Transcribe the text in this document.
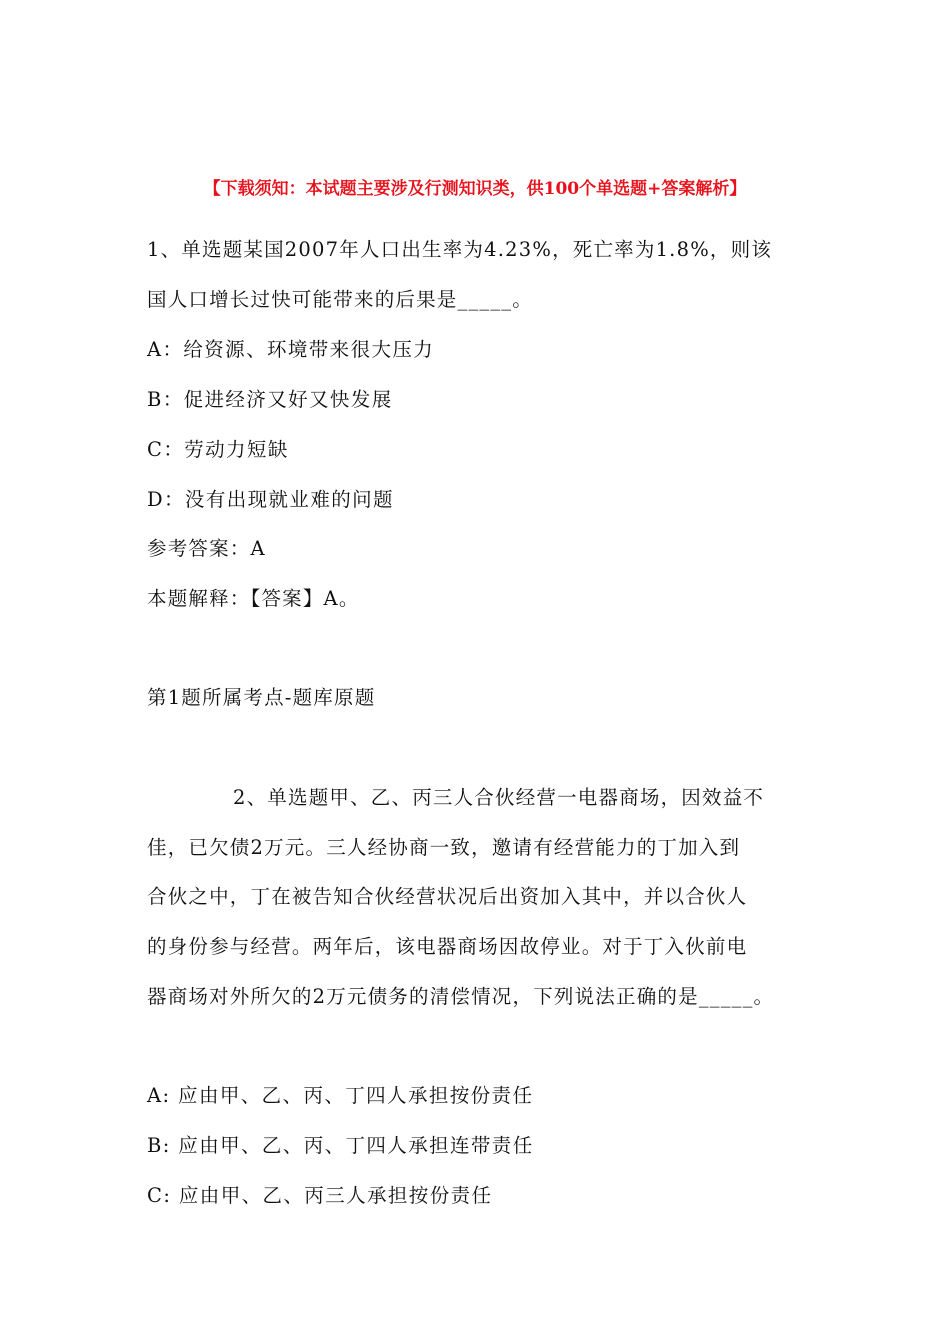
【下载须知：本试题主要涉及行测知识类，供100个单选题+答案解析】
1、单选题某国2007年人口出生率为4.23%，死亡率为1.8%，则该
国人口增长过快可能带来的后果是_____。
A：给资源、环境带来很大压力
B：促进经济又好又快发展
C：劳动力短缺
D：没有出现就业难的问题
参考答案：A
本题解释：【答案】A。
第1题所属考点-题库原题
2、单选题甲、乙、丙三人合伙经营一电器商场，因效益不
佳，已欠债2万元。三人经协商一致，邀请有经营能力的丁加入到
合伙之中，丁在被告知合伙经营状况后出资加入其中，并以合伙人
的身份参与经营。两年后，该电器商场因故停业。对于丁入伙前电
器商场对外所欠的2万元债务的清偿情况，下列说法正确的是_____。
A: 应由甲、乙、丙、丁四人承担按份责任
B: 应由甲、乙、丙、丁四人承担连带责任
C: 应由甲、乙、丙三人承担按份责任
